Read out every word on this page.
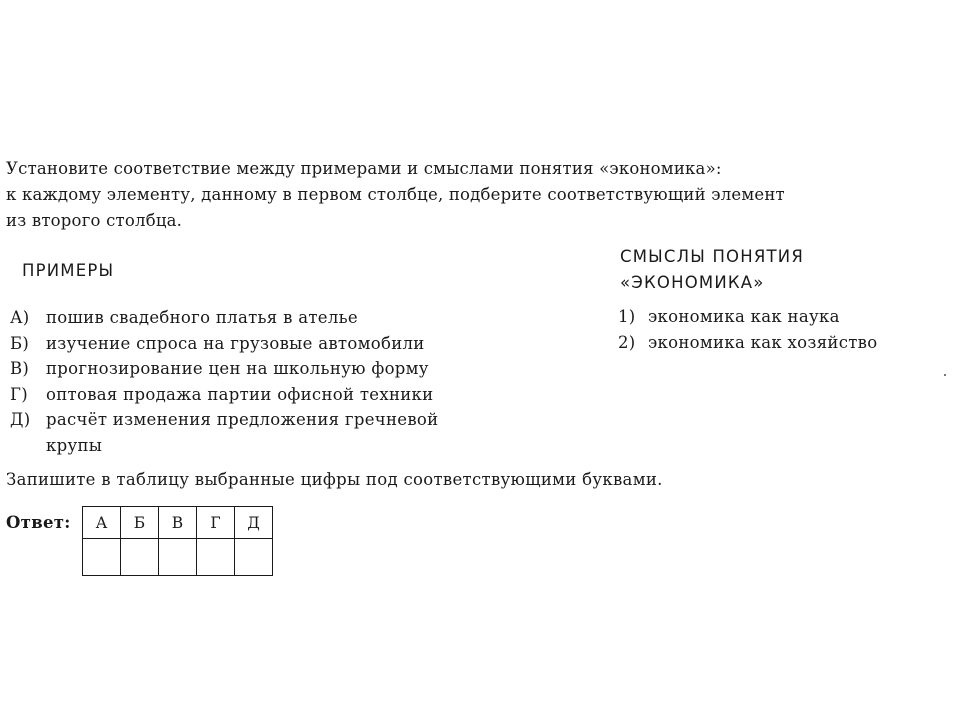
Установите соответствие между примерами и смыслами понятия «экономика»:
к каждому элементу, данному в первом столбце, подберите соответствующий элемент
из второго столбца.
ПРИМЕРЫ
СМЫСЛЫ ПОНЯТИЯ
«ЭКОНОМИКА»
А) пошив свадебного платья в ателье
Б)	изучение спроса на грузовые автомобили
В)	прогнозирование цен на школьную форму
Г)	оптовая продажа партии офисной техники
Д) расчёт изменения предложения гречневой
крупы
1) экономика как наука
2) экономика как хозяйство
Запишите в таблицу выбранные цифры под соответствующими буквами.
Ответ: А	Б	В	Г	Д
